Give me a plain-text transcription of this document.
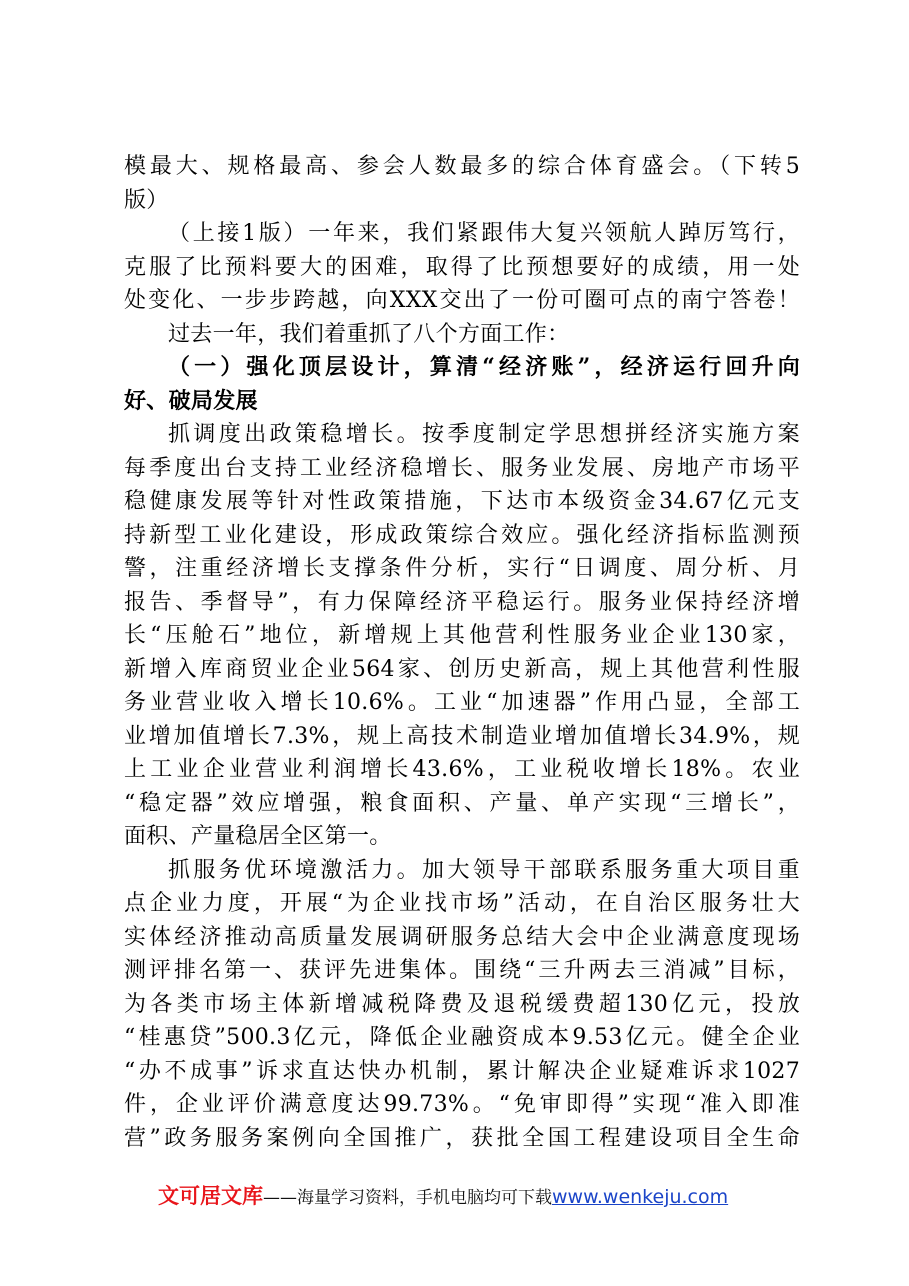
模最大、规格最高、参会人数最多的综合体育盛会。（下转5
版）
（上接1版）一年来，我们紧跟伟大复兴领航人踔厉笃行，
克服了比预料要大的困难，取得了比预想要好的成绩，用一处
处变化、一步步跨越，向XXX交出了一份可圈可点的南宁答卷！
过去一年，我们着重抓了八个方面工作：
（一）强化顶层设计，算清“经济账”，经济运行回升向
好、破局发展
抓调度出政策稳增长。按季度制定学思想拼经济实施方案
每季度出台支持工业经济稳增长、服务业发展、房地产市场平
稳健康发展等针对性政策措施，下达市本级资金34.67亿元支
持新型工业化建设，形成政策综合效应。强化经济指标监测预
警，注重经济增长支撑条件分析，实行“日调度、周分析、月
报告、季督导”，有力保障经济平稳运行。服务业保持经济增
长“压舱石”地位，新增规上其他营利性服务业企业130家，
新增入库商贸业企业564家、创历史新高，规上其他营利性服
务业营业收入增长10.6%。工业“加速器”作用凸显，全部工
业增加值增长7.3%，规上高技术制造业增加值增长34.9%，规
上工业企业营业利润增长43.6%，工业税收增长18%。农业
“稳定器”效应增强，粮食面积、产量、单产实现“三增长”，
面积、产量稳居全区第一。
抓服务优环境激活力。加大领导干部联系服务重大项目重
点企业力度，开展“为企业找市场”活动，在自治区服务壮大
实体经济推动高质量发展调研服务总结大会中企业满意度现场
测评排名第一、获评先进集体。围绕“三升两去三消减”目标，
为各类市场主体新增减税降费及退税缓费超130亿元，投放
“桂惠贷”500.3亿元，降低企业融资成本9.53亿元。健全企业
“办不成事”诉求直达快办机制，累计解决企业疑难诉求1027
件，企业评价满意度达99.73%。“免审即得”实现“准入即准
营”政务服务案例向全国推广，获批全国工程建设项目全生命
文可居文库——海量学习资料，手机电脑均可下载www.wenkeju.com
